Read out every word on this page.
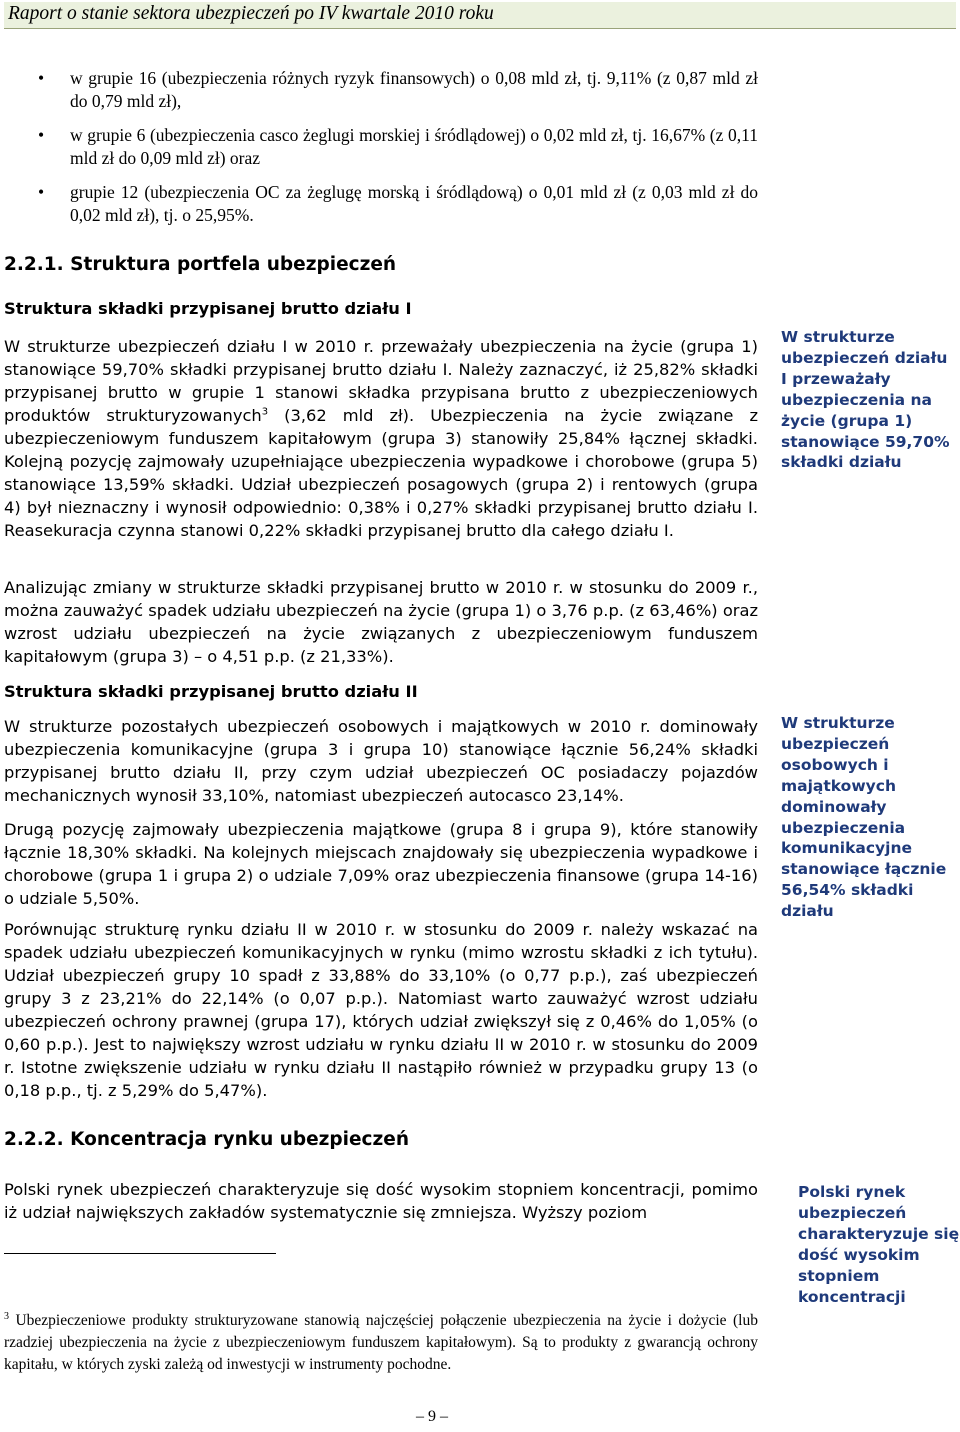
Raport o stanie sektora ubezpieczeń po IV kwartale 2010 roku
• w grupie 16 (ubezpieczenia różnych ryzyk finansowych) o 0,08 mld zł, tj. 9,11% (z 0,87 mld zł do 0,79 mld zł),

• w grupie 6 (ubezpieczenia casco żeglugi morskiej i śródlądowej) o 0,02 mld zł, tj. 16,67% (z 0,11 mld zł do 0,09 mld zł) oraz

• grupie 12 (ubezpieczenia OC za żeglugę morską i śródlądową) o 0,01 mld zł (z 0,03 mld zł do 0,02 mld zł), tj. o 25,95%.

2.2.1. Struktura portfela ubezpieczeń
Struktura składki przypisanej brutto działu I

W strukturze ubezpieczeń działu I w 2010 r. przeważały ubezpieczenia na życie (grupa 1) stanowiące 59,70% składki przypisanej brutto działu I. Należy zaznaczyć, iż 25,82% składki przypisanej brutto w grupie 1 stanowi składka przypisana brutto z ubezpieczeniowych produktów strukturyzowanych$^3$ (3,62 mld zł). Ubezpieczenia na życie związane z ubezpieczeniowym funduszem kapitałowym (grupa 3) stanowiły 25,84% łącznej składki. Kolejną pozycję zajmowały uzupełniające ubezpieczenia wypadkowe i chorobowe (grupa 5) stanowiące 13,59% składki. Udział ubezpieczeń posagowych (grupa 2) i rentowych (grupa 4) był nieznaczny i wynosił odpowiednio: 0,38% i 0,27% składki przypisanej brutto działu I. Reasekuracja czynna stanowi 0,22% składki przypisanej brutto dla całego działu I.

W strukturze ubezpieczeń działu I przeważały ubezpieczenia na życie (grupa 1) stanowiące 59,70% składki działu

Analizując zmiany w strukturze składki przypisanej brutto w 2010 r. w stosunku do 2009 r., można zauważyć spadek udziału ubezpieczeń na życie (grupa 1) o 3,76 p.p. (z 63,46%) oraz wzrost udziału ubezpieczeń na życie związanych z ubezpieczeniowym funduszem kapitałowym (grupa 3) – o 4,51 p.p. (z 21,33%).

Struktura składki przypisanej brutto działu II

W strukturze pozostałych ubezpieczeń osobowych i majątkowych w 2010 r. dominowały ubezpieczenia komunikacyjne (grupa 3 i grupa 10) stanowiące łącznie 56,24% składki przypisanej brutto działu II, przy czym udział ubezpieczeń OC posiadaczy pojazdów mechanicznych wynosił 33,10%, natomiast ubezpieczeń autocasco 23,14%.

W strukturze ubezpieczeń osobowych i majątkowych dominowały ubezpieczenia komunikacyjne stanowiące łącznie 56,54% składki działu

Drugą pozycję zajmowały ubezpieczenia majątkowe (grupa 8 i grupa 9), które stanowiły łącznie 18,30% składki. Na kolejnych miejscach znajdowały się ubezpieczenia wypadkowe i chorobowe (grupa 1 i grupa 2) o udziale 7,09% oraz ubezpieczenia finansowe (grupa 14-16) o udziale 5,50%.

Porównując strukturę rynku działu II w 2010 r. w stosunku do 2009 r. należy wskazać na spadek udziału ubezpieczeń komunikacyjnych w rynku (mimo wzrostu składki z ich tytułu). Udział ubezpieczeń grupy 10 spadł z 33,88% do 33,10% (o 0,77 p.p.), zaś ubezpieczeń grupy 3 z 23,21% do 22,14% (o 0,07 p.p.). Natomiast warto zauważyć wzrost udziału ubezpieczeń ochrony prawnej (grupa 17), których udział zwiększył się z 0,46% do 1,05% (o 0,60 p.p.). Jest to największy wzrost udziału w rynku działu II w 2010 r. w stosunku do 2009 r. Istotne zwiększenie udziału w rynku działu II nastąpiło również w przypadku grupy 13 (o 0,18 p.p., tj. z 5,29% do 5,47%).

2.2.2. Koncentracja rynku ubezpieczeń

Polski rynek ubezpieczeń charakteryzuje się dość wysokim stopniem koncentracji, pomimo iż udział największych zakładów systematycznie się zmniejsza. Wyższy poziom

Polski rynek ubezpieczeń charakteryzuje się dość wysokim stopniem koncentracji

$^3$ Ubezpieczeniowe produkty strukturyzowane stanowią najczęściej połączenie ubezpieczenia na życie i dożycie (lub rzadziej ubezpieczenia na życie z ubezpieczeniowym funduszem kapitałowym). Są to produkty z gwarancją ochrony kapitału, w których zyski zależą od inwestycji w instrumenty pochodne.

– 9 –
